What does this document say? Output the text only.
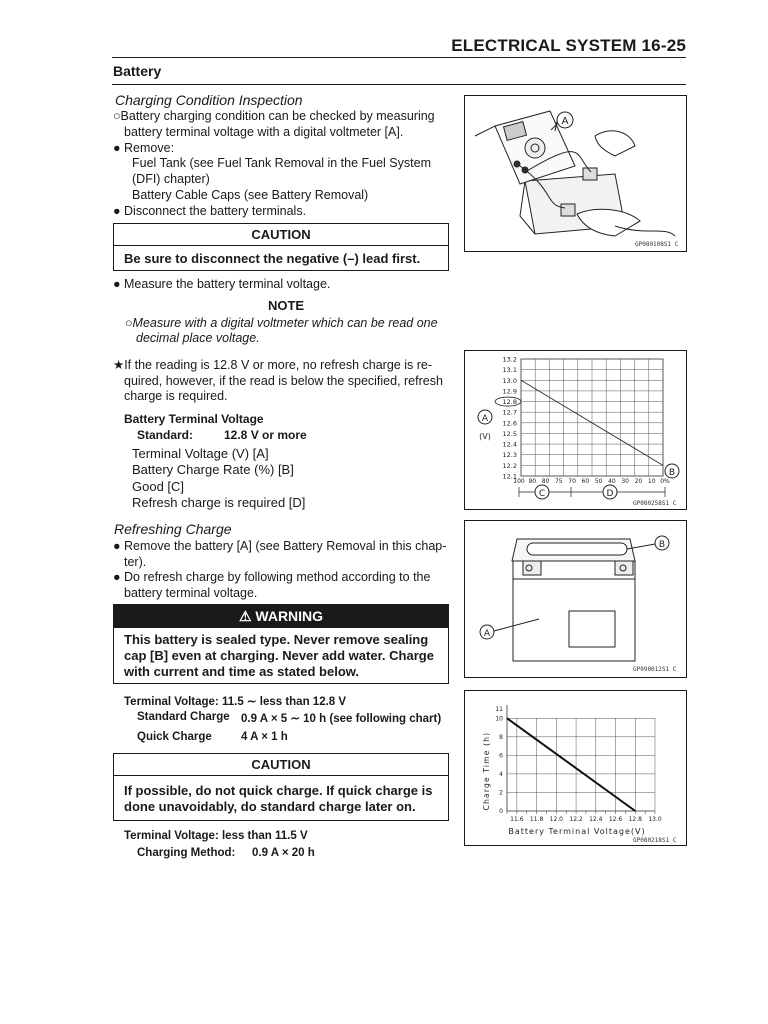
ELECTRICAL SYSTEM 16-25
Battery
Charging Condition Inspection
○Battery charging condition can be checked by measuring
battery terminal voltage with a digital voltmeter [A].
● Remove:
Fuel Tank (see Fuel Tank Removal in the Fuel System
(DFI) chapter)
Battery Cable Caps (see Battery Removal)
● Disconnect the battery terminals.
CAUTION
Be sure to disconnect the negative (–) lead first.
● Measure the battery terminal voltage.
NOTE
○Measure with a digital voltmeter which can be read one
decimal place voltage.
★If the reading is 12.8 V or more, no refresh charge is re-
quired, however, if the read is below the specified, refresh
charge is required.
Battery Terminal Voltage
Standard:	12.8 V or more
Terminal Voltage (V) [A]
Battery Charge Rate (%) [B]
Good [C]
Refresh charge is required [D]
Refreshing Charge
● Remove the battery [A] (see Battery Removal in this chap-
ter).
● Do refresh charge by following method according to the
battery terminal voltage.
⚠ WARNING
This battery is sealed type. Never remove sealing
cap [B] even at charging. Never add water. Charge
with current and time as stated below.
Terminal Voltage: 11.5 ∼ less than 12.8 V
Standard Charge 0.9 A × 5 ∼ 10 h (see following chart)
Quick Charge	4 A × 1 h
CAUTION
If possible, do not quick charge. If quick charge is
done unavoidably, do standard charge later on.
Terminal Voltage: less than 11.5 V
Charging Method: 0.9 A × 20 h
A
GP080108S1 C
13.2
13.1
13.0
12.9
12.8
12.7
12.6
12.5
12.4
12.3
12.2
12.1
100 90 80 75 70 60 50 40 30 20 10 0%
A
(V)
B
C	D
GP080258S1 C
B
A
GP090012S1 C
11
10
8
6
4
2
0
11.6 11.8 12.0 12.2 12.4 12.6 12.8 13.0
Charge Time (h)
Battery Terminal Voltage(V)
GP080218S1 C
